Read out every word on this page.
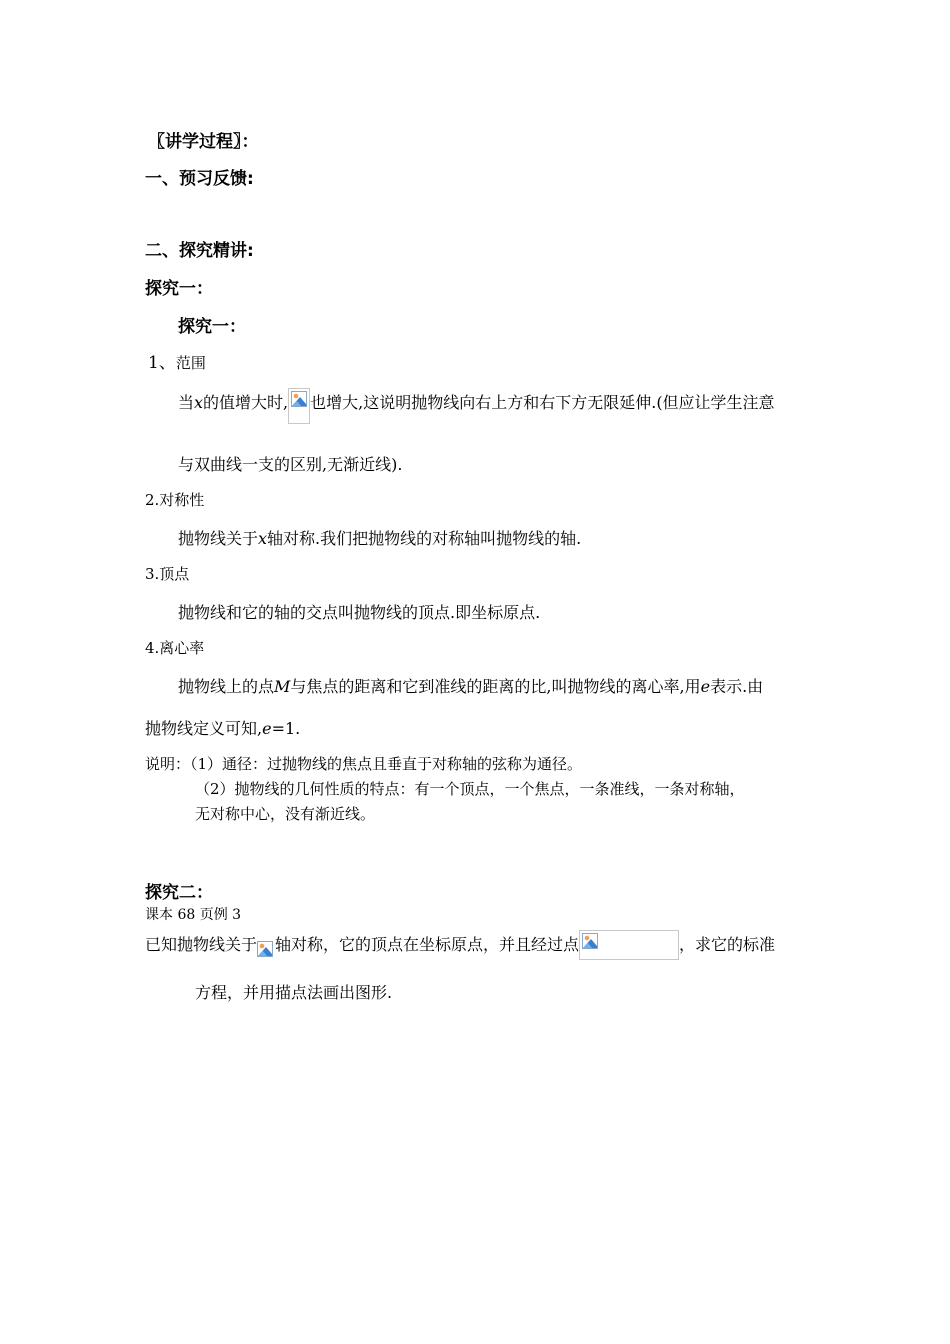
〖讲学过程〗：
一、预习反馈:
二、探究精讲:
探究一：
探究一：
1、范围
当x的值增大时, 也增大,这说明抛物线向右上方和右下方无限延伸.(但应让学生注意
与双曲线一支的区别,无渐近线).
2.对称性
抛物线关于x轴对称.我们把抛物线的对称轴叫抛物线的轴.
3.顶点
抛物线和它的轴的交点叫抛物线的顶点.即坐标原点.
4.离心率
抛物线上的点M与焦点的距离和它到准线的距离的比,叫抛物线的离心率,用e表示.由
抛物线定义可知,e=1.
说明：（1）通径：过抛物线的焦点且垂直于对称轴的弦称为通径。
（2）抛物线的几何性质的特点：有一个顶点，一个焦点，一条准线，一条对称轴，
无对称中心，没有渐近线。
探究二：
课本 68 页例 3
已知抛物线关于 轴对称，它的顶点在坐标原点，并且经过点	，求它的标准
方程，并用描点法画出图形.
